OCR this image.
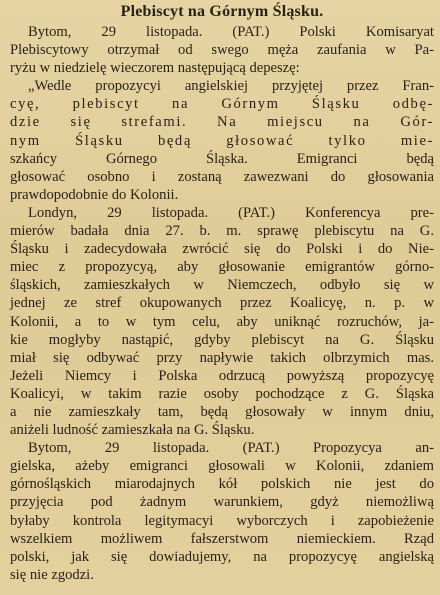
Plebiscyt na Górnym Śląsku.
Bytom, 29 listopada. (PAT.) Polski Komisaryat
Plebiscytowy otrzymał od swego męża zaufania w Pa-
ryżu w niedzielę wieczorem następującą depeszę:
„Wedle propozycyi angielskiej przyjętej przez Fran-
cyę, plebiscyt na Górnym Śląsku odbę-
dzie się strefami. Na miejscu na Gór-
nym Śląsku będą głosować tylko mie-
szkańcy Górnego Śląska. Emigranci będą
głosować osobno i zostaną zawezwani do głosowania
prawdopodobnie do Kolonii.
Londyn, 29 listopada. (PAT.) Konferencya pre-
mierów badała dnia 27. b. m. sprawę plebiscytu na G.
Śląsku i zadecydowała zwrócić się do Polski i do Nie-
miec z propozycyą, aby głosowanie emigrantów górno-
śląskich, zamieszkałych w Niemczech, odbyło się w
jednej ze stref okupowanych przez Koalicyę, n. p. w
Kolonii, a to w tym celu, aby uniknąć rozruchów, ja-
kie mogłyby nastąpić, gdyby plebiscyt na G. Śląsku
miał się odbywać przy napływie takich olbrzymich mas.
Jeżeli Niemcy i Polska odrzucą powyższą propozycyę
Koalicyi, w takim razie osoby pochodzące z G. Śląska
a nie zamieszkały tam, będą głosowały w innym dniu,
aniżeli ludność zamieszkała na G. Śląsku.
Bytom, 29 listopada. (PAT.) Propozycya an-
gielska, ażeby emigranci głosowali w Kolonii, zdaniem
górnośląskich miarodajnych kół polskich nie jest do
przyjęcia pod żadnym warunkiem, gdyż niemożliwą
byłaby kontrola legitymacyi wyborczych i zapobieżenie
wszelkiem możliwem fałszerstwom niemieckiem. Rząd
polski, jak się dowiadujemy, na propozycyę angielską
się nie zgodzi.
